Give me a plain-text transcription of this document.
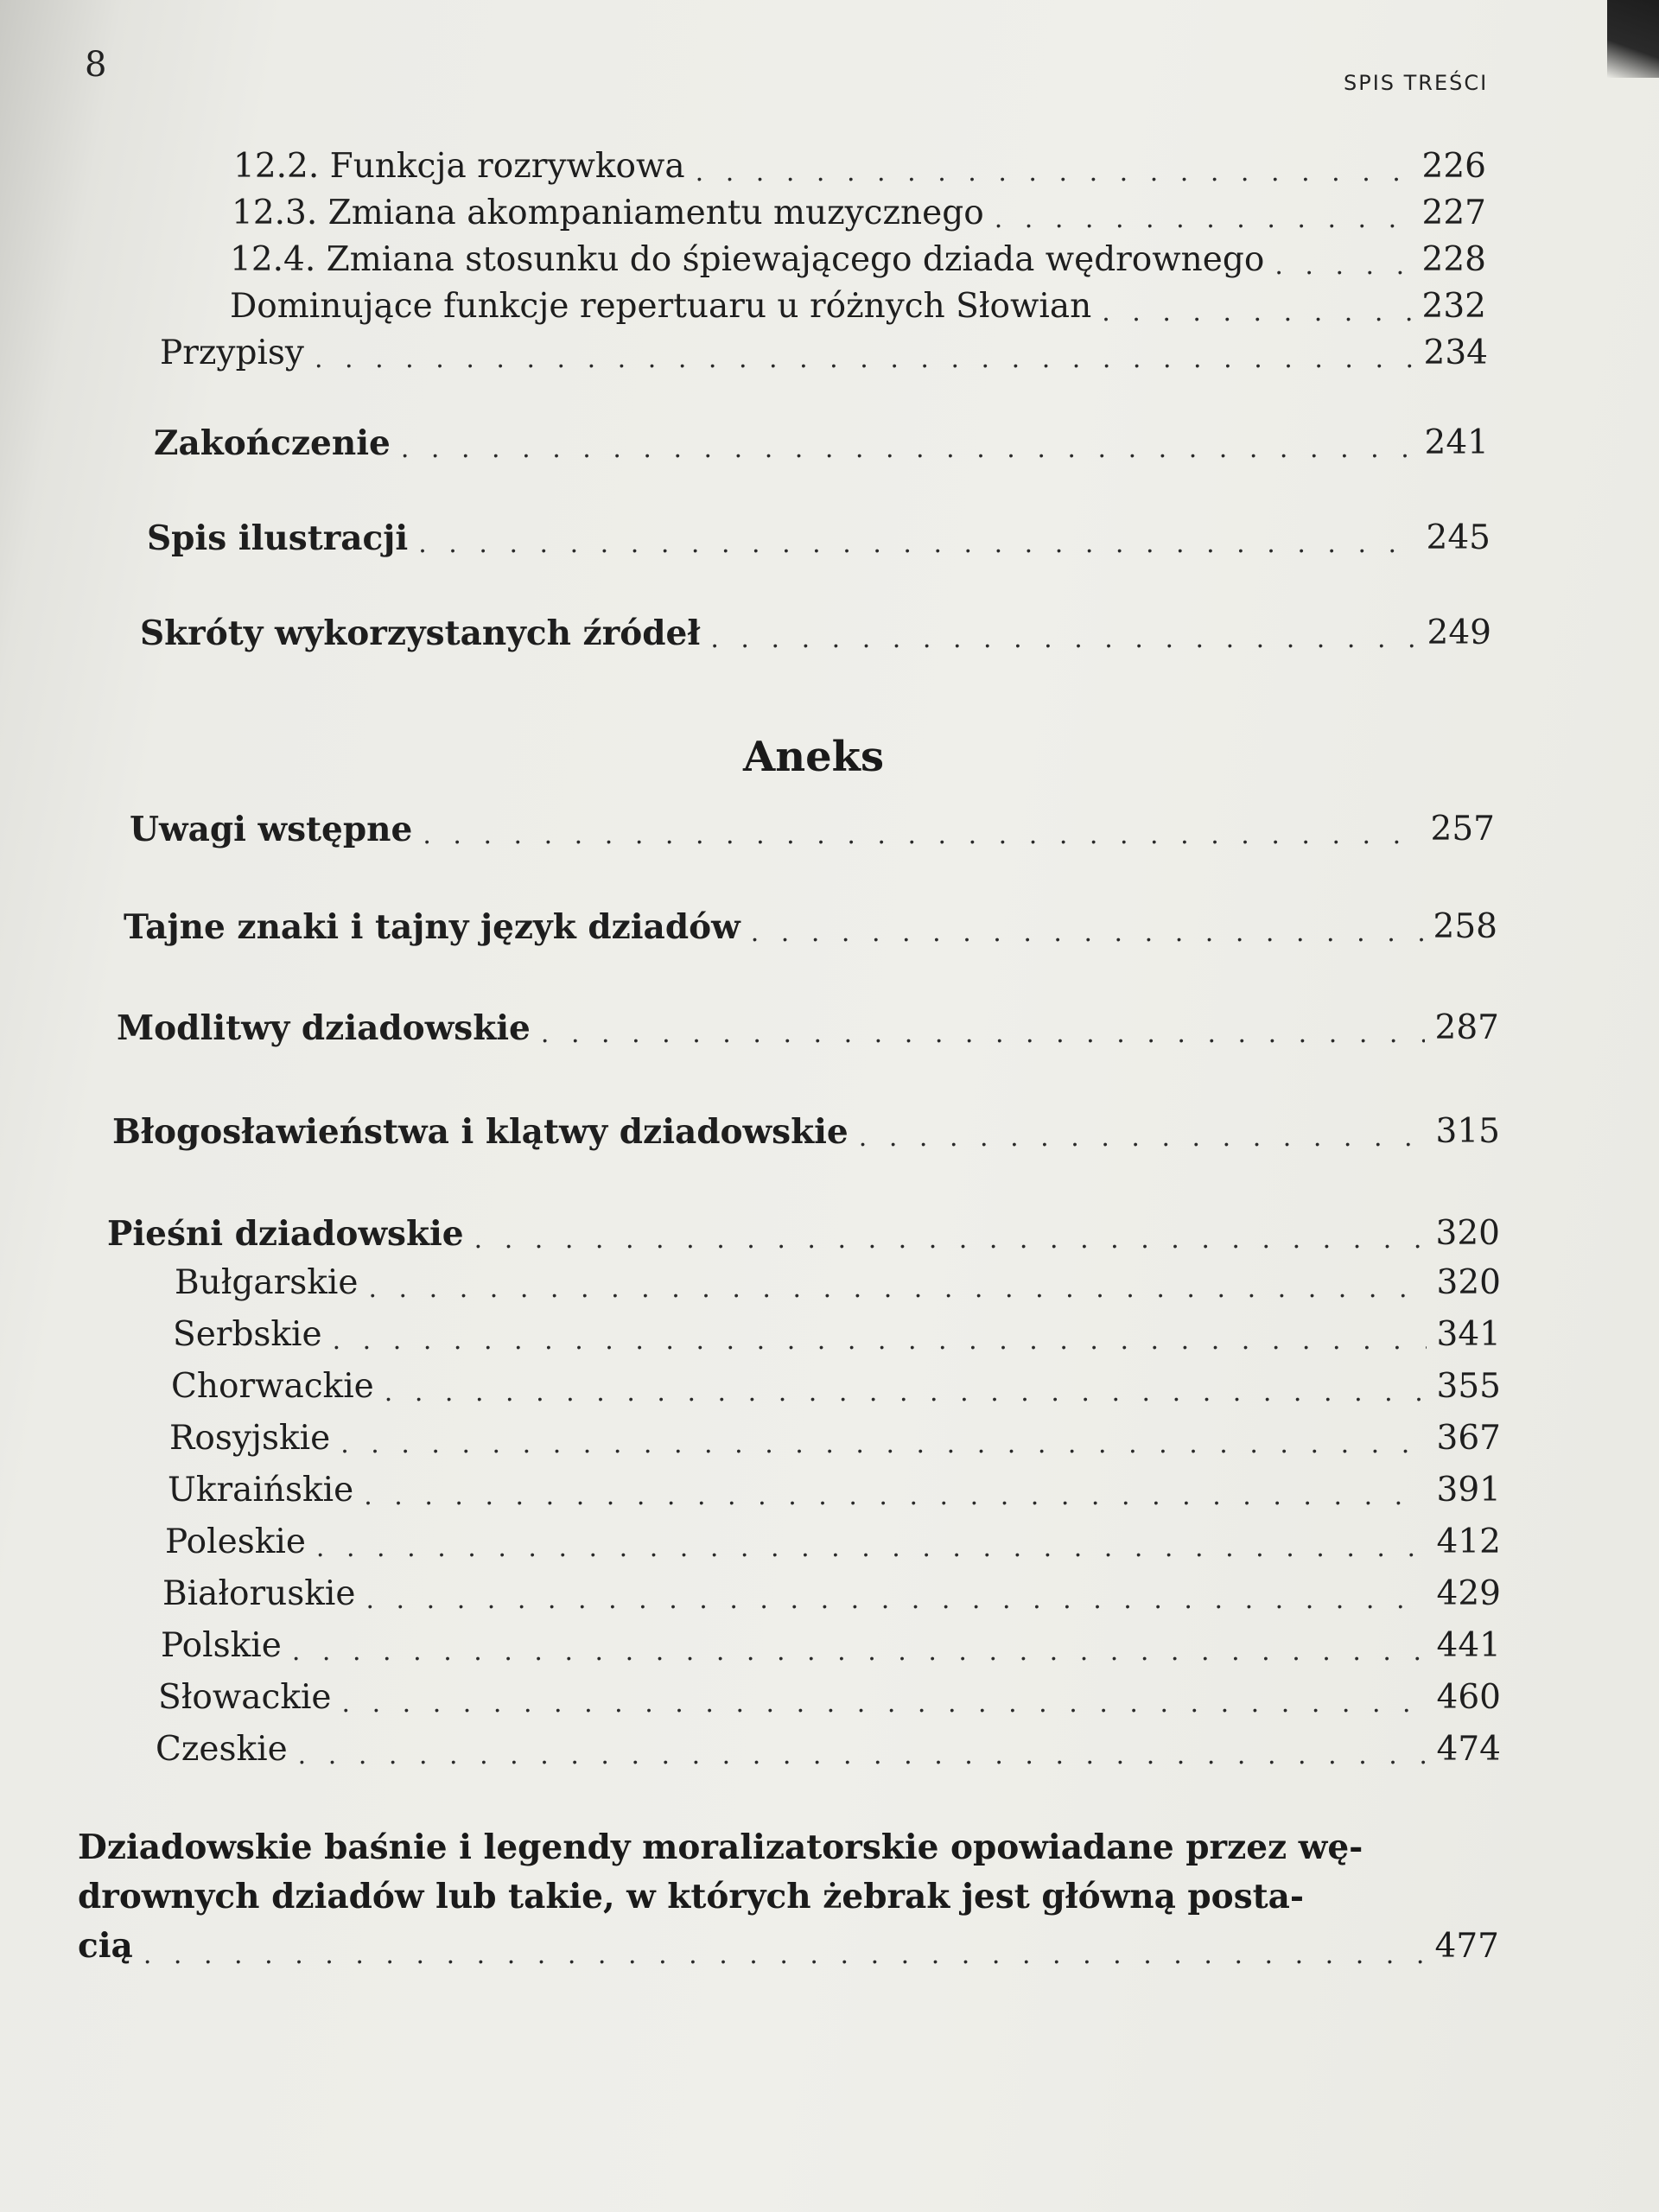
8	SPIS TREŚCI
12.2. Funkcja rozrywkowa . . .	226
12.3. Zmiana akompaniamentu muzycznego . . .	227
12.4. Zmiana stosunku do śpiewającego dziada wędrownego . . .	228
Dominujące funkcje repertuaru u różnych Słowian . . .	232
Przypisy . . .	234
Zakończenie . . .	241
Spis ilustracji . . .	245
Skróty wykorzystanych źródeł . . .	249
Aneks
Uwagi wstępne . . .	257
Tajne znaki i tajny język dziadów . . .	258
Modlitwy dziadowskie . . .	287
Błogosławieństwa i klątwy dziadowskie . . .	315
Pieśni dziadowskie . . .	320
Bułgarskie . . .	320
Serbskie . . .	341
Chorwackie . . .	355
Rosyjskie . . .	367
Ukraińskie . . .	391
Poleskie . . .	412
Białoruskie . . .	429
Polskie . . .	441
Słowackie . . .	460
Czeskie . . .	474
Dziadowskie baśnie i legendy moralizatorskie opowiadane przez wę-
drownych dziadów lub takie, w których żebrak jest główną posta-
cią . . .	477
